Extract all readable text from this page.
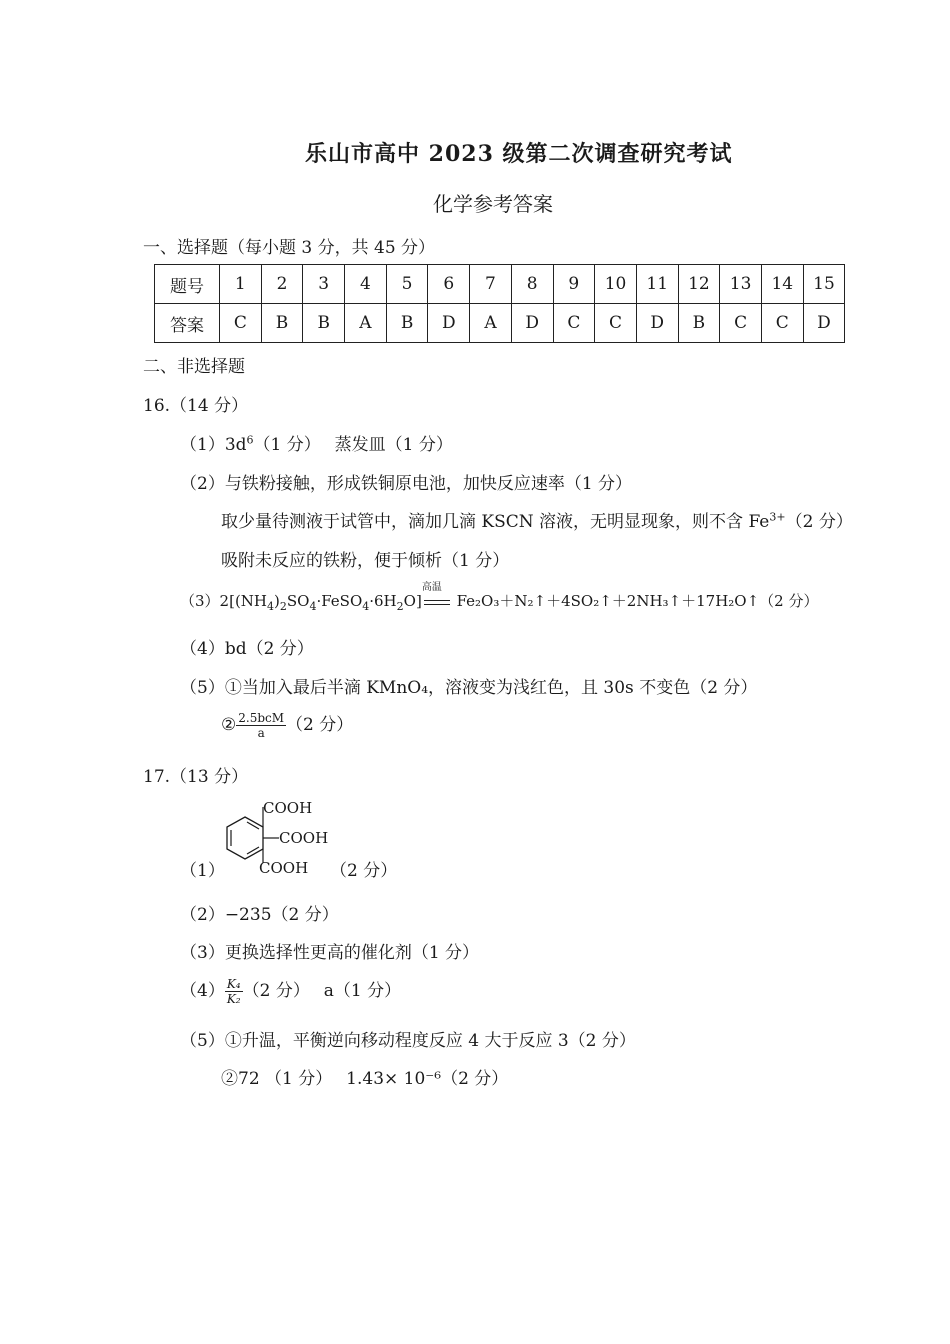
乐山市高中 2023 级第二次调查研究考试
化学参考答案
一、选择题（每小题 3 分，共 45 分）
题号	1	2	3	4	5	6	7	8	9	10	11	12	13	14	15
答案	C	B	B	A	B	D	A	D	C	C	D	B	C	C	D
二、非选择题
16.（14 分）
$(1)3d^6(1$ 分）　 蒸发皿（1 分）
（2）与铁粉接触，形成铁铜原电池，加快反应速率（1 分）
取少量待测液于试管中，滴加几滴 KSCN 溶液，无明显现象，则不含 $Fe^{3+}(2$ 分）
吸附未反应的铁粉，便于倾析（1 分）
$(3)2[(NH_4)_2SO_4\cdot FeSO_4\cdot 6H_2O]$
高温
Fe₂O₃＋N₂↑＋4SO₂↑＋2NH₃↑＋17H₂O↑（2 分）
（4）bd（2 分）
（5）①当加入最后半滴 KMnO₄，溶液变为浅红色，且 30s 不变色（2 分）
② $\frac{\text{2.5bcM}}{a} (2$ 分）
17.（13 分）
COOH
COOH
COOH
（1）	（2 分）
（2）−235（2 分）
（3）更换选择性更高的催化剂（1 分）
$(4) \frac{\text{K₄}}{\text{K₂}} (2$ 分）　 a（1 分）
（5）①升温，平衡逆向移动程度反应 4 大于反应 3（2 分）
②72 （1 分）　 1.43× 10⁻⁶（2 分）
